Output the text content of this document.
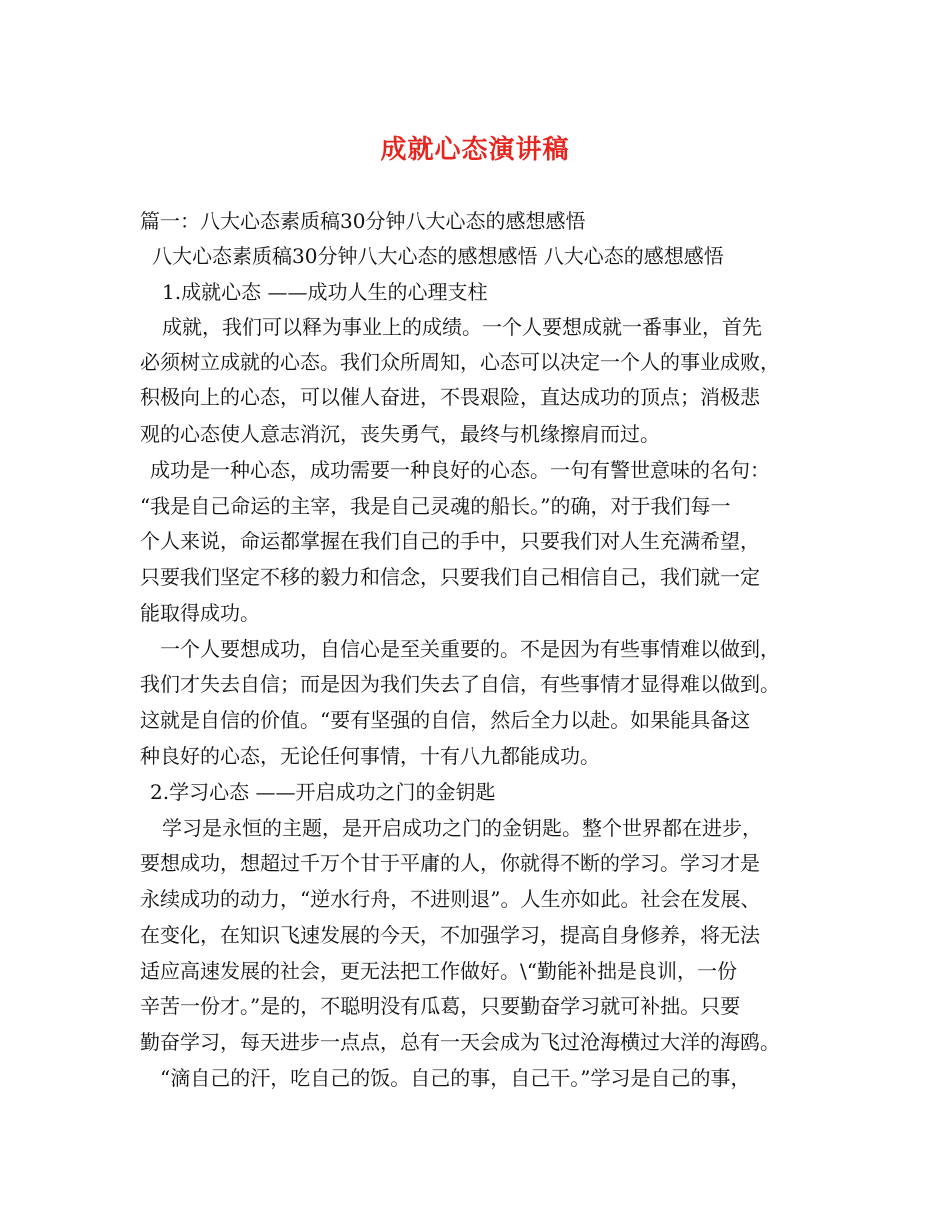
成就心态演讲稿
篇一：八大心态素质稿30分钟八大心态的感想感悟
八大心态素质稿30分钟八大心态的感想感悟 八大心态的感想感悟
1.成就心态 ——成功人生的心理支柱
成就，我们可以释为事业上的成绩。一个人要想成就一番事业，首先
必须树立成就的心态。我们众所周知，心态可以决定一个人的事业成败，
积极向上的心态，可以催人奋进，不畏艰险，直达成功的顶点；消极悲
观的心态使人意志消沉，丧失勇气，最终与机缘擦肩而过。
成功是一种心态，成功需要一种良好的心态。一句有警世意味的名句：
“我是自己命运的主宰，我是自己灵魂的船长。”的确，对于我们每一
个人来说，命运都掌握在我们自己的手中，只要我们对人生充满希望，
只要我们坚定不移的毅力和信念，只要我们自己相信自己，我们就一定
能取得成功。
一个人要想成功，自信心是至关重要的。不是因为有些事情难以做到，
我们才失去自信；而是因为我们失去了自信，有些事情才显得难以做到。
这就是自信的价值。“要有坚强的自信，然后全力以赴。如果能具备这
种良好的心态，无论任何事情，十有八九都能成功。
2.学习心态 ——开启成功之门的金钥匙
学习是永恒的主题，是开启成功之门的金钥匙。整个世界都在进步，
要想成功，想超过千万个甘于平庸的人，你就得不断的学习。学习才是
永续成功的动力，“逆水行舟，不进则退”。人生亦如此。社会在发展、
在变化，在知识飞速发展的今天，不加强学习，提高自身修养，将无法
适应高速发展的社会，更无法把工作做好。\“勤能补拙是良训，一份
辛苦一份才。”是的，不聪明没有瓜葛，只要勤奋学习就可补拙。只要
勤奋学习，每天进步一点点，总有一天会成为飞过沧海横过大洋的海鸥。
“滴自己的汗，吃自己的饭。自己的事，自己干。”学习是自己的事，
